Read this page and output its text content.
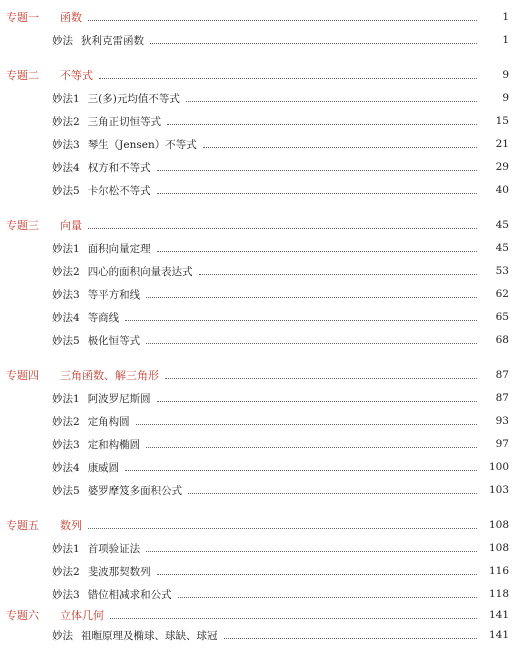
专题一	函数	1
妙法 狄利克雷函数	1
专题二	不等式	9
妙法1 三(多)元均值不等式	9
妙法2 三角正切恒等式	15
妙法3 琴生（Jensen）不等式	21
妙法4 权方和不等式	29
妙法5 卡尔松不等式	40
专题三	向量	45
妙法1 面积向量定理	45
妙法2 四心的面积向量表达式	53
妙法3 等平方和线	62
妙法4 等商线	65
妙法5 极化恒等式	68
专题四	三角函数、解三角形	87
妙法1 阿波罗尼斯圆	87
妙法2 定角构圆	93
妙法3 定和构椭圆	97
妙法4 康威圆	100
妙法5 婆罗摩笈多面积公式	103
专题五	数列	108
妙法1 首项验证法	108
妙法2 斐波那契数列	116
妙法3 错位相减求和公式	118
专题六	立体几何	141
妙法 祖暅原理及椭球、球缺、球冠	141
